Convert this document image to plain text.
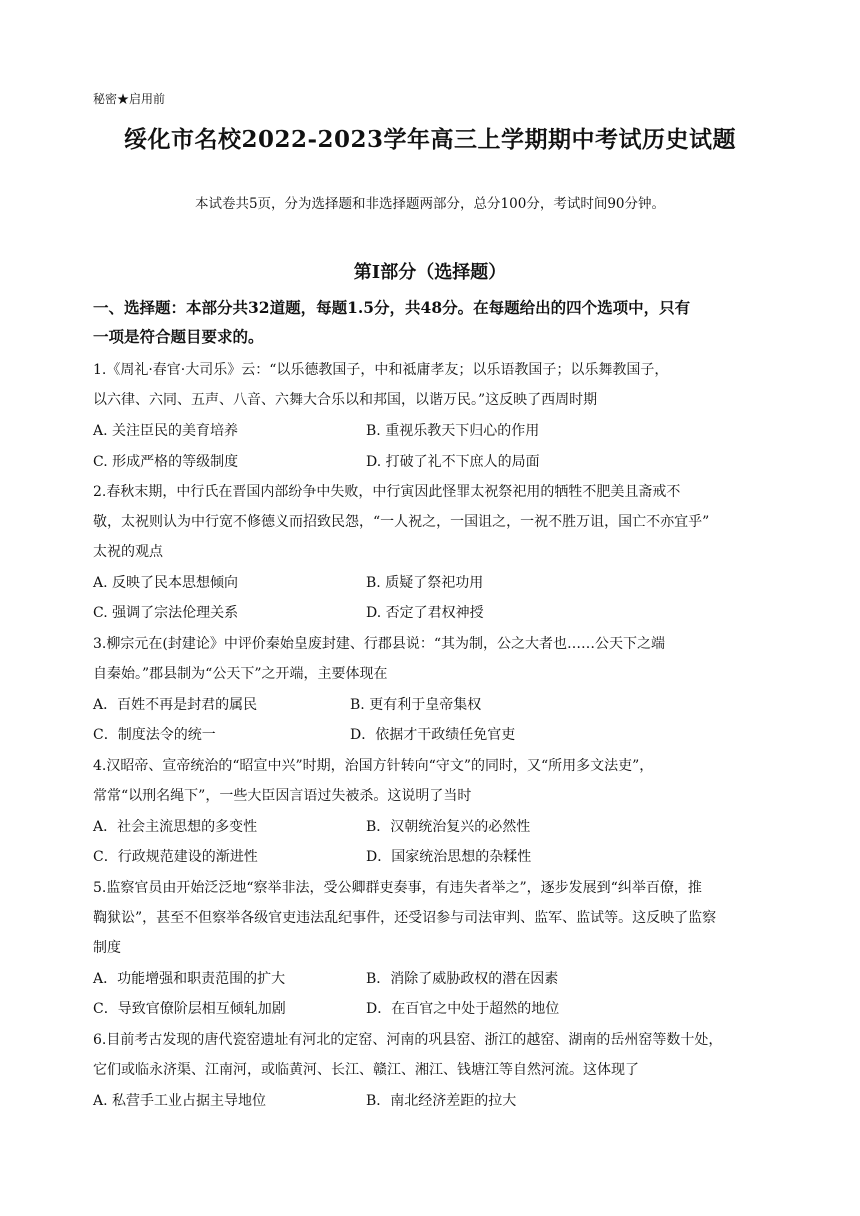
秘密★启用前
绥化市名校2022-2023学年高三上学期期中考试历史试题
本试卷共5页，分为选择题和非选择题两部分，总分100分，考试时间90分钟。
第Ⅰ部分（选择题）
一、选择题：本部分共32道题，每题1.5分，共48分。在每题给出的四个选项中，只有
一项是符合题目要求的。
1.《周礼·春官·大司乐》云：“以乐德教国子，中和祗庸孝友；以乐语教国子；以乐舞教国子，
以六律、六同、五声、八音、六舞大合乐以和邦国，以谐万民。”这反映了西周时期
A. 关注臣民的美育培养	B. 重视乐教天下归心的作用
C. 形成严格的等级制度	D. 打破了礼不下庶人的局面
2.春秋末期，中行氏在晋国内部纷争中失败，中行寅因此怪罪太祝祭祀用的牺牲不肥美且斋戒不
敬，太祝则认为中行宽不修德义而招致民怨，“一人祝之，一国诅之，一祝不胜万诅，国亡不亦宜乎”
太祝的观点
A. 反映了民本思想倾向	B. 质疑了祭祀功用
C. 强调了宗法伦理关系	D. 否定了君权神授
3.柳宗元在(封建论》中评价秦始皇废封建、行郡县说：“其为制，公之大者也……公天下之端
自秦始。”郡县制为“公天下”之开端，主要体现在
A．百姓不再是封君的属民	B. 更有利于皇帝集权
C．制度法令的统一	D．依据才干政绩任免官吏
4.汉昭帝、宣帝统治的“昭宣中兴”时期，治国方针转向“守文”的同时，又“所用多文法吏”，
常常“以刑名绳下”，一些大臣因言语过失被杀。这说明了当时
A．社会主流思想的多变性	B．汉朝统治复兴的必然性
C．行政规范建设的渐进性	D．国家统治思想的杂糅性
5.监察官员由开始泛泛地“察举非法，受公卿群吏奏事，有违失者举之”，逐步发展到“纠举百僚，推
鞫狱讼”，甚至不但察举各级官吏违法乱纪事件，还受诏参与司法审判、监军、监试等。这反映了监察
制度
A．功能增强和职责范围的扩大	B．消除了威胁政权的潜在因素
C．导致官僚阶层相互倾轧加剧	D．在百官之中处于超然的地位
6.目前考古发现的唐代瓷窑遗址有河北的定窑、河南的巩县窑、浙江的越窑、湖南的岳州窑等数十处，
它们或临永济渠、江南河，或临黄河、长江、赣江、湘江、钱塘江等自然河流。这体现了
A. 私营手工业占据主导地位	B．南北经济差距的拉大
